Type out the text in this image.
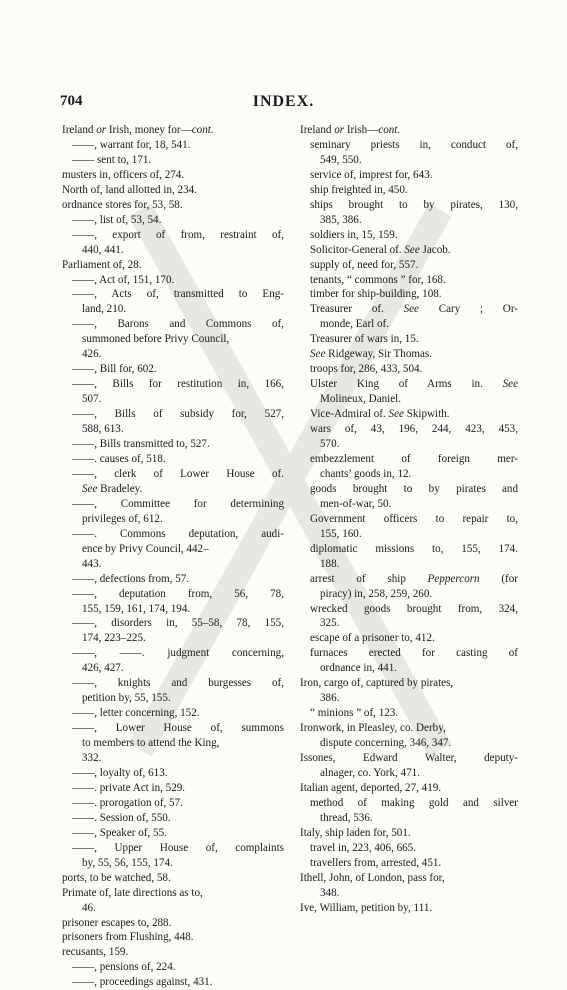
704	INDEX.
Ireland or Irish, money for—cont.
——, warrant for, 18, 541.
—— sent to, 171.
musters in, officers of, 274.
North of, land allotted in, 234.
ordnance stores for, 53, 58.
——, list of, 53, 54.
——, export of from, restraint of,
440, 441.
Parliament of, 28.
——, Act of, 151, 170.
——, Acts of, transmitted to Eng-
land, 210.
——, Barons and Commons of,
summoned before Privy Council,
426.
——, Bill for, 602.
——, Bills for restitution in, 166,
507.
——, Bills of subsidy for, 527,
588, 613.
——, Bills transmitted to, 527.
——. causes of, 518.
——, clerk of Lower House of.
See Bradeley.
——, Committee for determining
privileges of, 612.
——. Commons deputation, audi-
ence by Privy Council, 442–
443.
——, defections from, 57.
——, deputation from, 56, 78,
155, 159, 161, 174, 194.
——, disorders in, 55–58, 78, 155,
174, 223–225.
——, ——. judgment concerning,
426, 427.
——, knights and burgesses of,
petition by, 55, 155.
——, letter concerning, 152.
——, Lower House of, summons
to members to attend the King,
332.
——, loyalty of, 613.
——. private Act in, 529.
——. prorogation of, 57.
——. Session of, 550.
——, Speaker of, 55.
——, Upper House of, complaints
by, 55, 56, 155, 174.
ports, to be watched, 58.
Primate of, late directions as to,
46.
prisoner escapes to, 288.
prisoners from Flushing, 448.
recusants, 159.
——, pensions of, 224.
——, proceedings against, 431.
Ireland or Irish—cont.
seminary priests in, conduct of,
549, 550.
service of, imprest for, 643.
ship freighted in, 450.
ships brought to by pirates, 130,
385, 386.
soldiers in, 15, 159.
Solicitor-General of. See Jacob.
supply of, need for, 557.
tenants, “ commons ” for, 168.
timber for ship-building, 108.
Treasurer of. See Cary ; Or-
monde, Earl of.
Treasurer of wars in, 15.
See Ridgeway, Sir Thomas.
troops for, 286, 433, 504.
Ulster King of Arms in. See
Molineux, Daniel.
Vice-Admiral of. See Skipwith.
wars of, 43, 196, 244, 423, 453,
570.
embezzlement of foreign mer-
chants’ goods in, 12.
goods brought to by pirates and
men-of-war, 50.
Government officers to repair to,
155, 160.
diplomatic missions to, 155, 174.
188.
arrest of ship Peppercorn (for
piracy) in, 258, 259, 260.
wrecked goods brought from, 324,
325.
escape of a prisoner to, 412.
furnaces erected for casting of
ordnance in, 441.
Iron, cargo of, captured by pirates,
386.
“ minions ” of, 123.
Ironwork, in Pleasley, co. Derby,
dispute concerning, 346, 347.
Issones, Edward Walter, deputy-
alnager, co. York, 471.
Italian agent, deported, 27, 419.
method of making gold and silver
thread, 536.
Italy, ship laden for, 501.
travel in, 223, 406, 665.
travellers from, arrested, 451.
Ithell, John, of London, pass for,
348.
Ive, William, petition by, 111.
